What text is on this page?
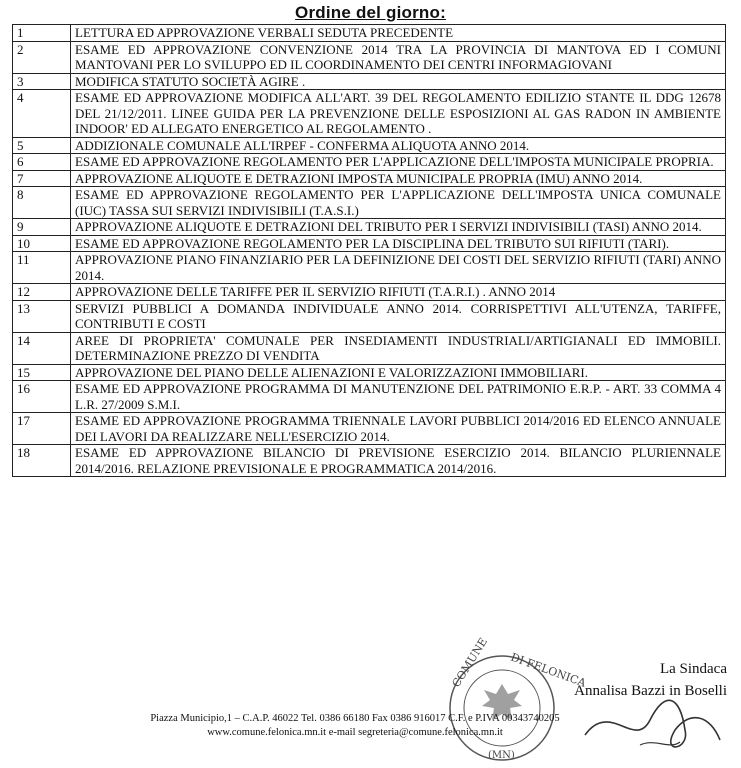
Ordine del giorno:
1	LETTURA ED APPROVAZIONE VERBALI SEDUTA PRECEDENTE
2	ESAME ED APPROVAZIONE CONVENZIONE 2014 TRA LA PROVINCIA DI MANTOVA ED I COMUNI MANTOVANI PER LO SVILUPPO ED IL COORDINAMENTO DEI CENTRI INFORMAGIOVANI
3	MODIFICA STATUTO SOCIETÀ AGIRE .
4	ESAME ED APPROVAZIONE MODIFICA ALL'ART. 39 DEL REGOLAMENTO EDILIZIO STANTE IL DDG 12678 DEL 21/12/2011. LINEE GUIDA PER LA PREVENZIONE DELLE ESPOSIZIONI AL GAS RADON IN AMBIENTE INDOOR' ED ALLEGATO ENERGETICO AL REGOLAMENTO .
5	ADDIZIONALE COMUNALE ALL'IRPEF - CONFERMA ALIQUOTA ANNO 2014.
6	ESAME ED APPROVAZIONE REGOLAMENTO PER L'APPLICAZIONE DELL'IMPOSTA MUNICIPALE PROPRIA.
7	APPROVAZIONE ALIQUOTE E DETRAZIONI IMPOSTA MUNICIPALE PROPRIA (IMU) ANNO 2014.
8	ESAME ED APPROVAZIONE REGOLAMENTO PER L'APPLICAZIONE DELL'IMPOSTA UNICA COMUNALE (IUC) TASSA SUI SERVIZI INDIVISIBILI (T.A.S.I.)
9	APPROVAZIONE ALIQUOTE E DETRAZIONI DEL TRIBUTO PER I SERVIZI INDIVISIBILI (TASI) ANNO 2014.
10	ESAME ED APPROVAZIONE REGOLAMENTO PER LA DISCIPLINA DEL TRIBUTO SUI RIFIUTI (TARI).
11	APPROVAZIONE PIANO FINANZIARIO PER LA DEFINIZIONE DEI COSTI DEL SERVIZIO RIFIUTI (TARI) ANNO 2014.
12	APPROVAZIONE DELLE TARIFFE PER IL SERVIZIO RIFIUTI (T.A.R.I.) . ANNO 2014
13	SERVIZI PUBBLICI A DOMANDA INDIVIDUALE ANNO 2014. CORRISPETTIVI ALL'UTENZA, TARIFFE, CONTRIBUTI E COSTI
14	AREE DI PROPRIETA' COMUNALE PER INSEDIAMENTI INDUSTRIALI/ARTIGIANALI ED IMMOBILI. DETERMINAZIONE PREZZO DI VENDITA
15	APPROVAZIONE DEL PIANO DELLE ALIENAZIONI E VALORIZZAZIONI IMMOBILIARI.
16	ESAME ED APPROVAZIONE PROGRAMMA DI MANUTENZIONE DEL PATRIMONIO E.R.P. - ART. 33 COMMA 4 L.R. 27/2009 S.M.I.
17	ESAME ED APPROVAZIONE PROGRAMMA TRIENNALE LAVORI PUBBLICI 2014/2016 ED ELENCO ANNUALE DEI LAVORI DA REALIZZARE NELL'ESERCIZIO 2014.
18	ESAME ED APPROVAZIONE BILANCIO DI PREVISIONE ESERCIZIO 2014. BILANCIO PLURIENNALE 2014/2016. RELAZIONE PREVISIONALE E PROGRAMMATICA 2014/2016.
COMUNE DI FELONICA
(MN)
La Sindaca
Annalisa Bazzi in Boselli
Piazza Municipio,1 – C.A.P. 46022 Tel. 0386 66180 Fax 0386 916017 C.F. e P.IVA 00343740205
www.comune.felonica.mn.it e-mail segreteria@comune.felonica.mn.it
